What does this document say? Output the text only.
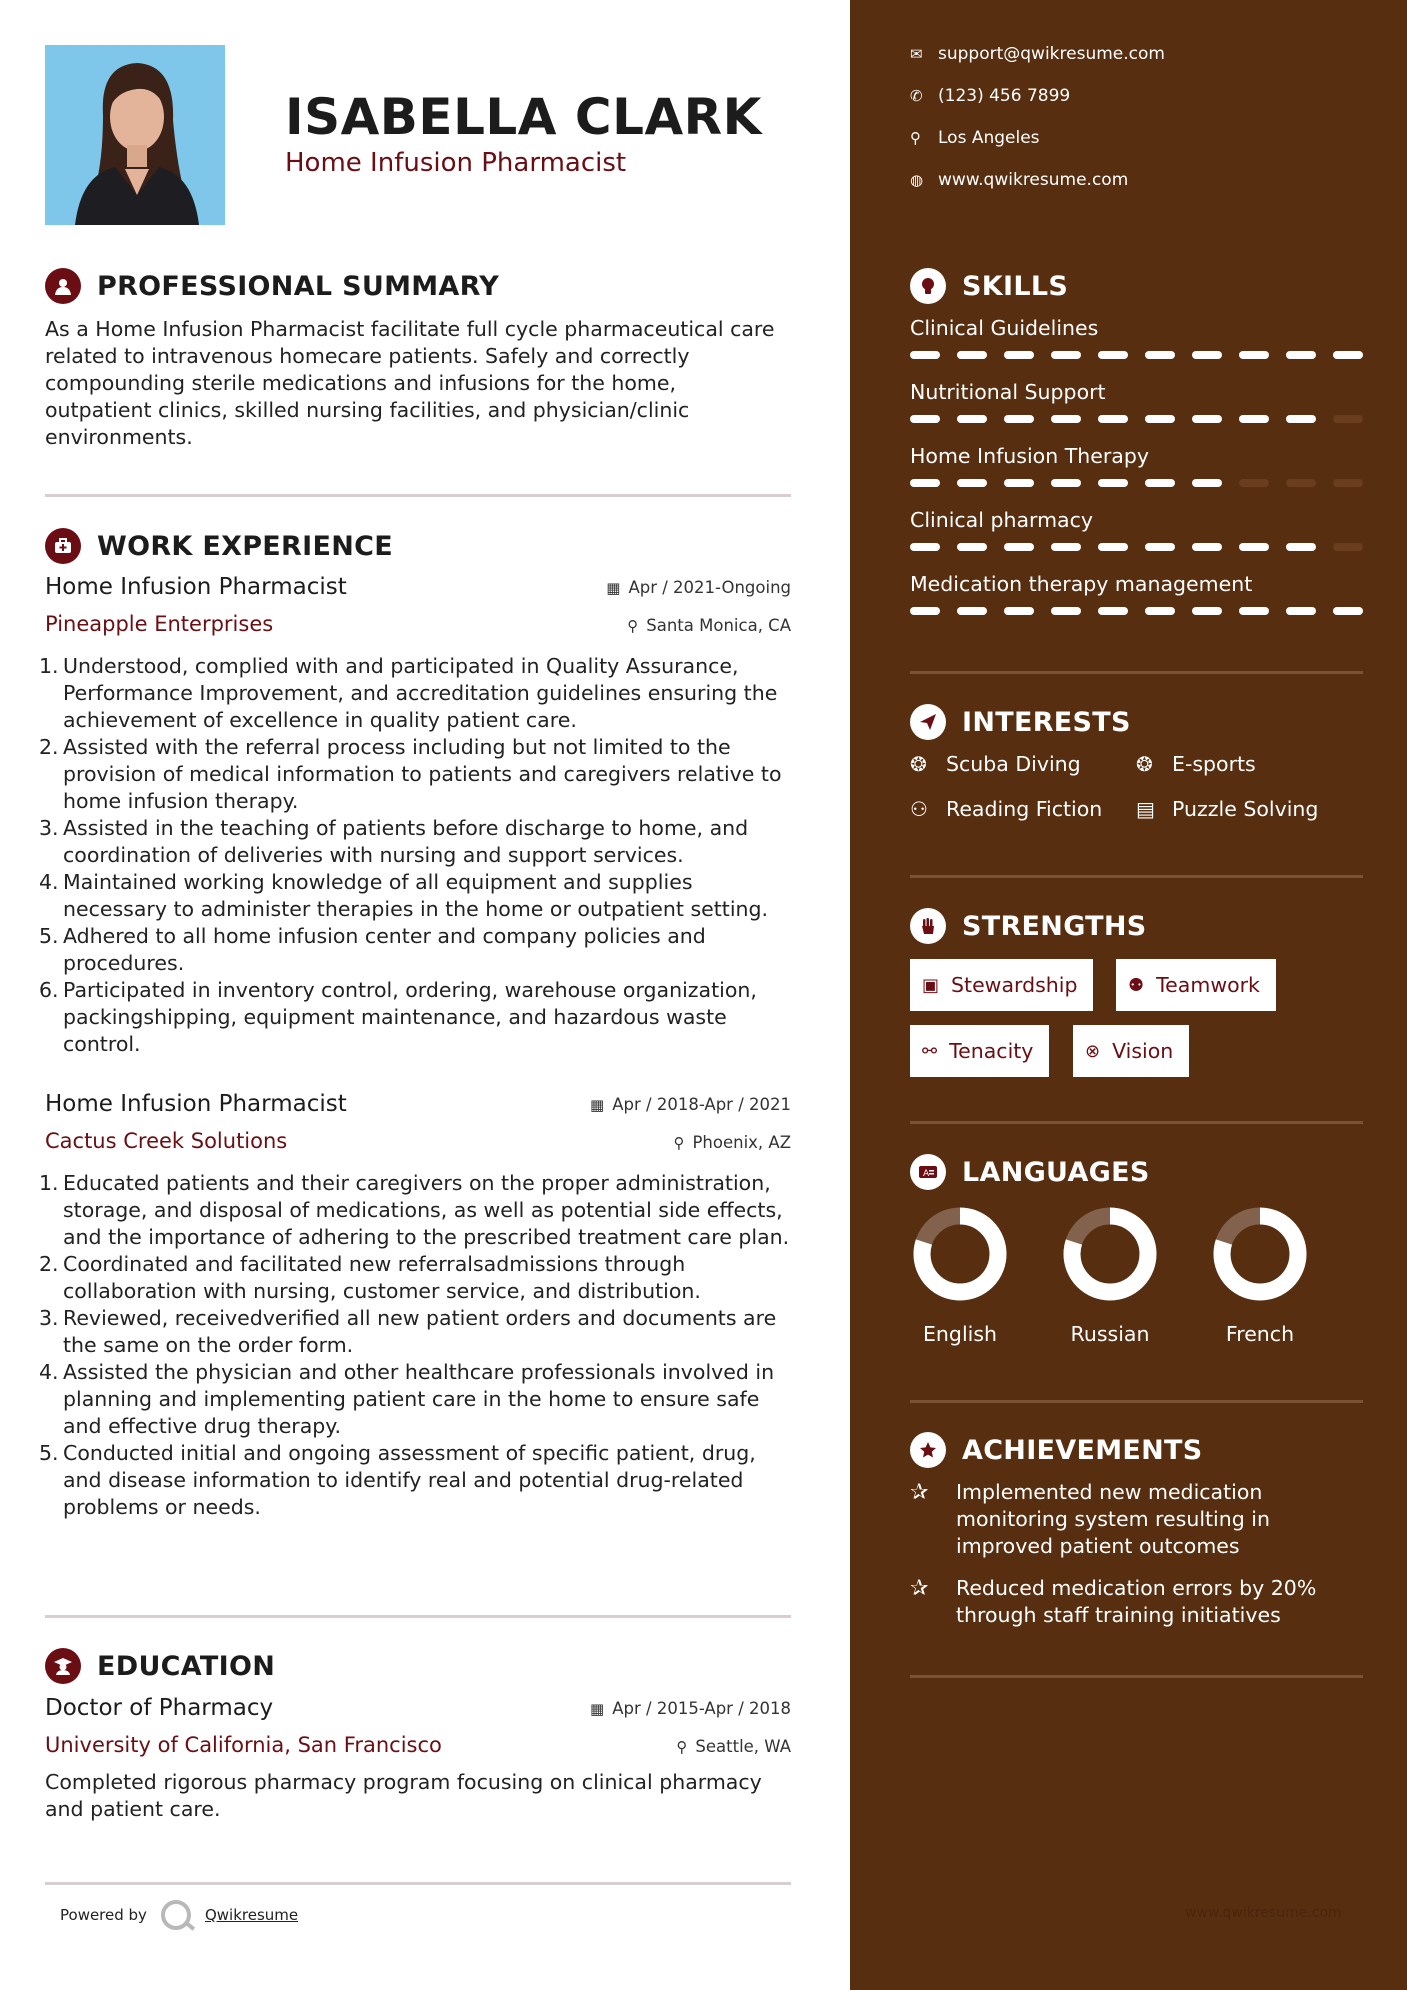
ISABELLA CLARK
Home Infusion Pharmacist
PROFESSIONAL SUMMARY
As a Home Infusion Pharmacist facilitate full cycle pharmaceutical care related to intravenous homecare patients. Safely and correctly compounding sterile medications and infusions for the home, outpatient clinics, skilled nursing facilities, and physician/clinic environments.
WORK EXPERIENCE
Home Infusion Pharmacist	▦ Apr / 2021-Ongoing
Pineapple Enterprises	⚲ Santa Monica, CA
1. Understood, complied with and participated in Quality Assurance, Performance Improvement, and accreditation guidelines ensuring the achievement of excellence in quality patient care.
2. Assisted with the referral process including but not limited to the provision of medical information to patients and caregivers relative to home infusion therapy.
3. Assisted in the teaching of patients before discharge to home, and coordination of deliveries with nursing and support services.
4. Maintained working knowledge of all equipment and supplies necessary to administer therapies in the home or outpatient setting.
5. Adhered to all home infusion center and company policies and procedures.
6. Participated in inventory control, ordering, warehouse organization, packingshipping, equipment maintenance, and hazardous waste control.
Home Infusion Pharmacist	▦ Apr / 2018-Apr / 2021
Cactus Creek Solutions	⚲ Phoenix, AZ
1. Educated patients and their caregivers on the proper administration, storage, and disposal of medications, as well as potential side effects, and the importance of adhering to the prescribed treatment care plan.
2. Coordinated and facilitated new referralsadmissions through collaboration with nursing, customer service, and distribution.
3. Reviewed, receivedverified all new patient orders and documents are the same on the order form.
4. Assisted the physician and other healthcare professionals involved in planning and implementing patient care in the home to ensure safe and effective drug therapy.
5. Conducted initial and ongoing assessment of specific patient, drug, and disease information to identify real and potential drug-related problems or needs.
EDUCATION
Doctor of Pharmacy	▦ Apr / 2015-Apr / 2018
University of California, San Francisco	⚲ Seattle, WA
Completed rigorous pharmacy program focusing on clinical pharmacy and patient care.
Powered by	Qwikresume
✉ support@qwikresume.com
✆ (123) 456 7899
⚲	Los Angeles
◍ www.qwikresume.com
SKILLS
Clinical Guidelines
Nutritional Support
Home Infusion Therapy
Clinical pharmacy
Medication therapy management
INTERESTS
❂ Scuba Diving	❂ E-sports
⚇ Reading Fiction ▤ Puzzle Solving
STRENGTHS
▣ Stewardship	⚉ Teamwork
⚯ Tenacity	⊗ Vision
A LANGUAGES
English	Russian	French
ACHIEVEMENTS
✰	Implemented new medication monitoring system resulting in improved patient outcomes
✰	Reduced medication errors by 20% through staff training initiatives
www.qwikresume.com
